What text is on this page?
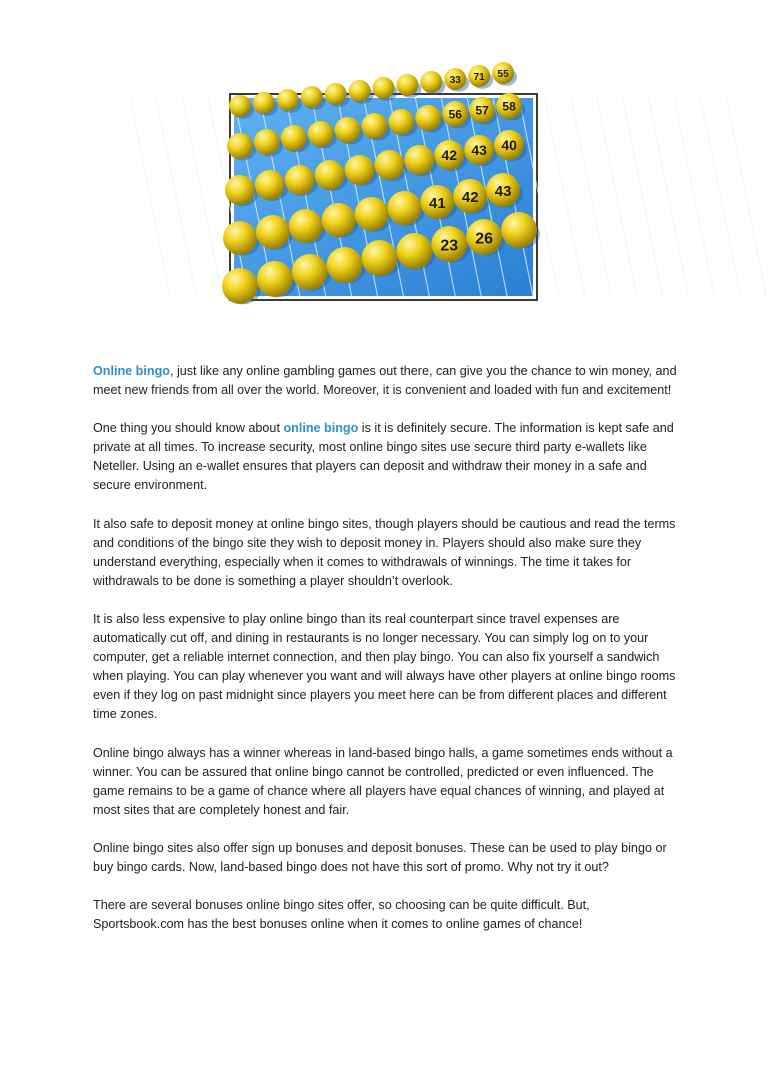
33 71 55
56 57 58
42 43 40
41 42 43
23 26

Online bingo, just like any online gambling games out there, can give you the chance to win money, and meet new friends from all over the world. Moreover, it is convenient and loaded with fun and excitement!

One thing you should know about online bingo is it is definitely secure. The information is kept safe and private at all times. To increase security, most online bingo sites use secure third party e-wallets like Neteller. Using an e-wallet ensures that players can deposit and withdraw their money in a safe and secure environment.

It also safe to deposit money at online bingo sites, though players should be cautious and read the terms and conditions of the bingo site they wish to deposit money in. Players should also make sure they understand everything, especially when it comes to withdrawals of winnings. The time it takes for withdrawals to be done is something a player shouldn’t overlook.

It is also less expensive to play online bingo than its real counterpart since travel expenses are automatically cut off, and dining in restaurants is no longer necessary. You can simply log on to your computer, get a reliable internet connection, and then play bingo. You can also fix yourself a sandwich when playing. You can play whenever you want and will always have other players at online bingo rooms even if they log on past midnight since players you meet here can be from different places and different time zones.

Online bingo always has a winner whereas in land-based bingo halls, a game sometimes ends without a winner. You can be assured that online bingo cannot be controlled, predicted or even influenced. The game remains to be a game of chance where all players have equal chances of winning, and played at most sites that are completely honest and fair.

Online bingo sites also offer sign up bonuses and deposit bonuses. These can be used to play bingo or buy bingo cards. Now, land-based bingo does not have this sort of promo. Why not try it out?

There are several bonuses online bingo sites offer, so choosing can be quite difficult. But, Sportsbook.com has the best bonuses online when it comes to online games of chance!
